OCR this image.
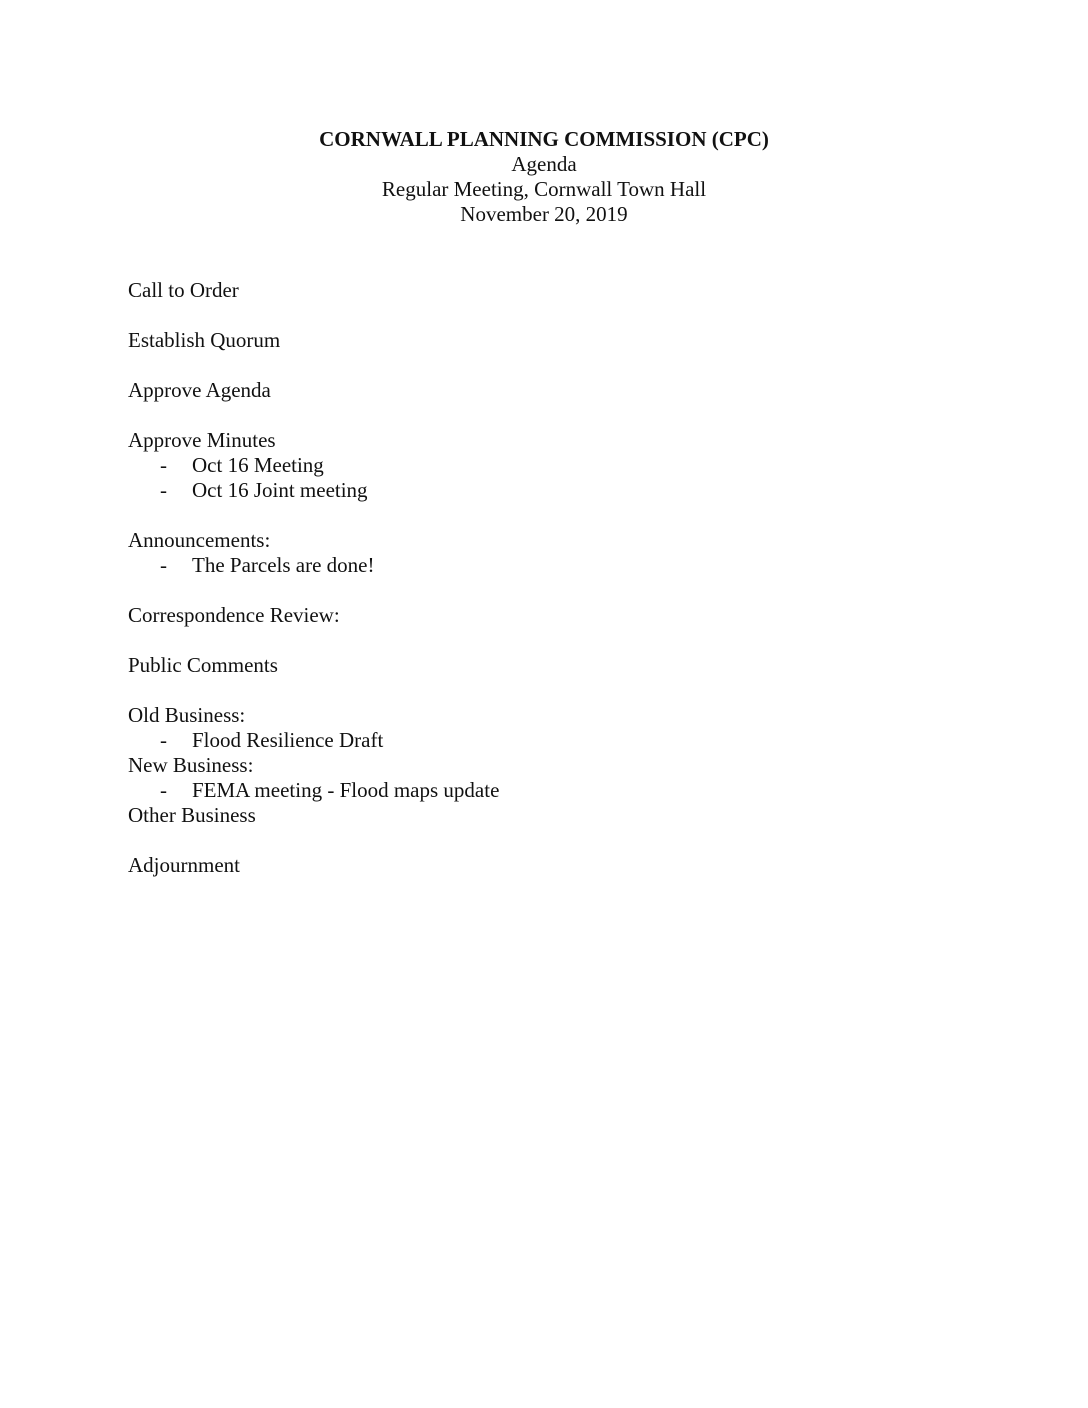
CORNWALL PLANNING COMMISSION (CPC)
Agenda
Regular Meeting, Cornwall Town Hall
November 20, 2019
Call to Order
Establish Quorum
Approve Agenda
Approve Minutes
- Oct 16 Meeting
- Oct 16 Joint meeting
Announcements:
- The Parcels are done!
Correspondence Review:
Public Comments
Old Business:
- Flood Resilience Draft
New Business:
- FEMA meeting - Flood maps update
Other Business
Adjournment
